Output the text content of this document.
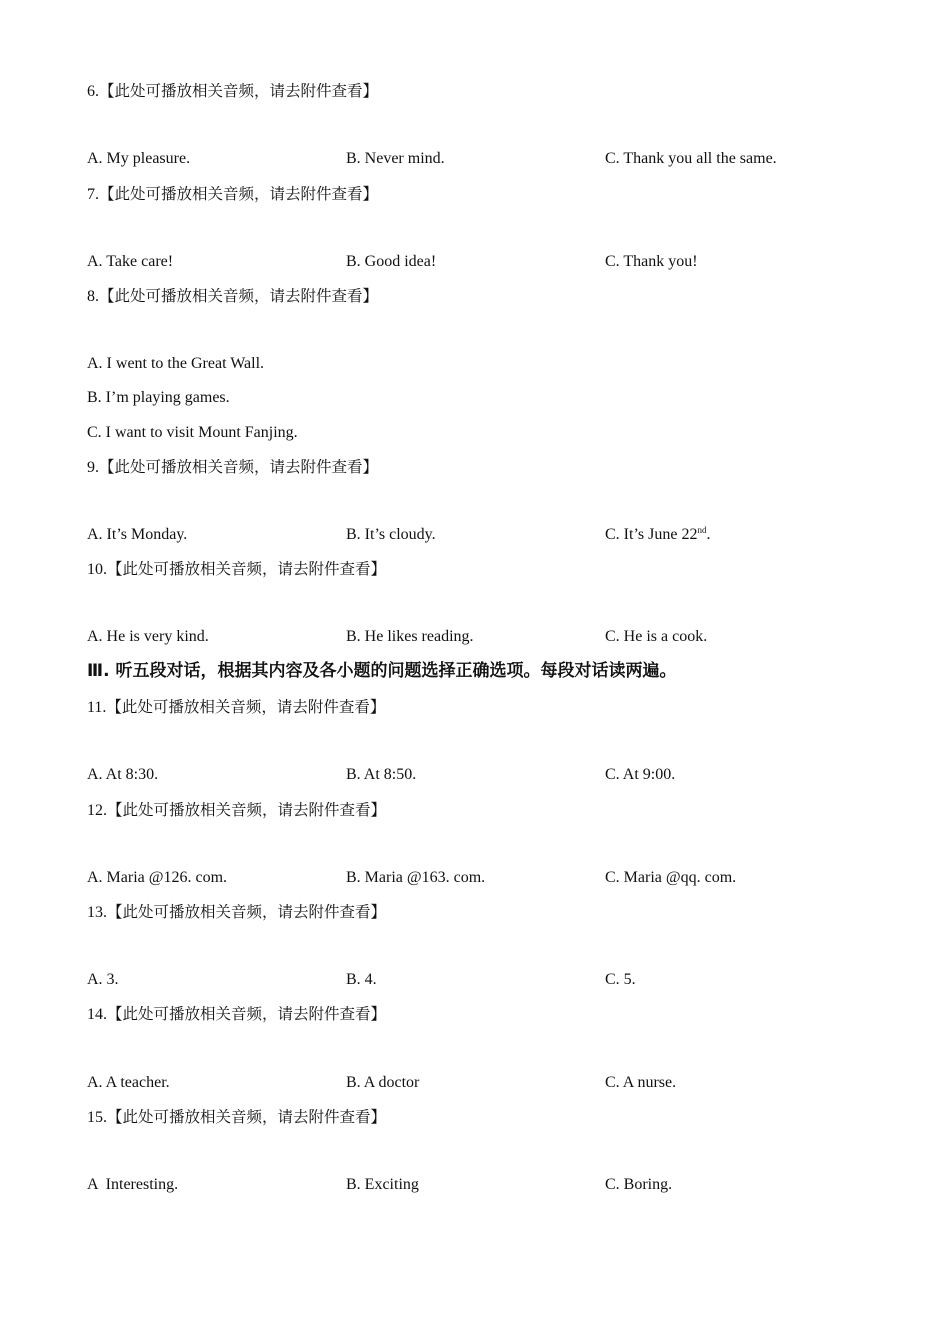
6.【此处可播放相关音频，请去附件查看】
A. My pleasure.	B. Never mind.	C. Thank you all the same.
7.【此处可播放相关音频，请去附件查看】
A. Take care!	B. Good idea!	C. Thank you!
8.【此处可播放相关音频，请去附件查看】
A. I went to the Great Wall.
B. I’m playing games.
C. I want to visit Mount Fanjing.
9.【此处可播放相关音频，请去附件查看】
A. It’s Monday.	B. It’s cloudy.	C. It’s June 22nd.
10.【此处可播放相关音频，请去附件查看】
A. He is very kind.	B. He likes reading.	C. He is a cook.
Ⅲ. 听五段对话，根据其内容及各小题的问题选择正确选项。每段对话读两遍。
11.【此处可播放相关音频，请去附件查看】
A. At 8:30.	B. At 8:50.	C. At 9:00.
12.【此处可播放相关音频，请去附件查看】
A. Maria @126. com.	B. Maria @163. com.	C. Maria @qq. com.
13.【此处可播放相关音频，请去附件查看】
A. 3.	B. 4.	C. 5.
14.【此处可播放相关音频，请去附件查看】
A. A teacher.	B. A doctor	C. A nurse.
15.【此处可播放相关音频，请去附件查看】
A  Interesting.	B. Exciting	C. Boring.
